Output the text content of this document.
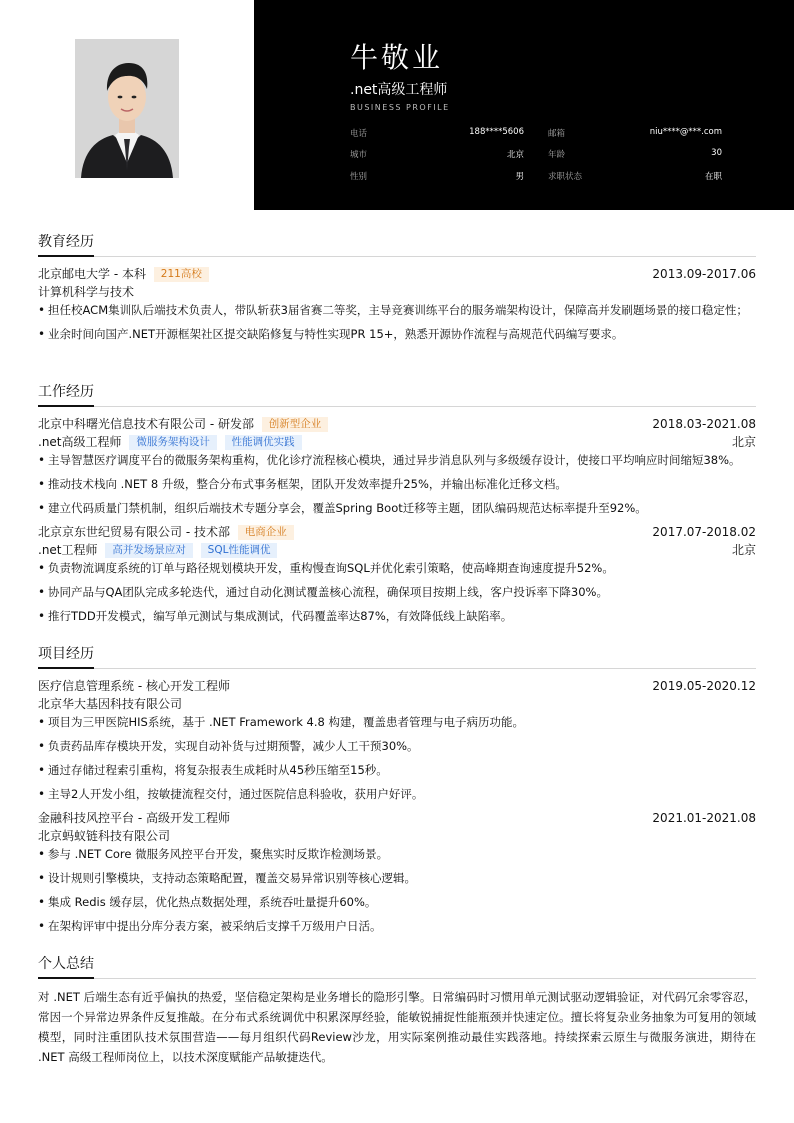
牛敬业
.net高级工程师
BUSINESS PROFILE
电话	188****5606	邮箱	niu****@***.com
城市	北京	年龄	30
性别	男	求职状态	在职
教育经历
北京邮电大学 - 本科 211高校	2013.09-2017.06
计算机科学与技术
• 担任校ACM集训队后端技术负责人，带队斩获3届省赛二等奖，主导竞赛训练平台的服务端架构设计，保障高并发刷题场景的接口稳定性；
• 业余时间向国产.NET开源框架社区提交缺陷修复与特性实现PR 15+，熟悉开源协作流程与高规范代码编写要求。
工作经历
北京中科曙光信息技术有限公司 - 研发部 创新型企业	2018.03-2021.08
.net高级工程师 微服务架构设计 性能调优实践	北京
• 主导智慧医疗调度平台的微服务架构重构，优化诊疗流程核心模块，通过异步消息队列与多级缓存设计，使接口平均响应时间缩短38%。
• 推动技术栈向 .NET 8 升级，整合分布式事务框架，团队开发效率提升25%，并输出标准化迁移文档。
• 建立代码质量门禁机制，组织后端技术专题分享会，覆盖Spring Boot迁移等主题，团队编码规范达标率提升至92%。
北京京东世纪贸易有限公司 - 技术部 电商企业	2017.07-2018.02
.net工程师 高并发场景应对 SQL性能调优	北京
• 负责物流调度系统的订单与路径规划模块开发，重构慢查询SQL并优化索引策略，使高峰期查询速度提升52%。
• 协同产品与QA团队完成多轮迭代，通过自动化测试覆盖核心流程，确保项目按期上线，客户投诉率下降30%。
• 推行TDD开发模式，编写单元测试与集成测试，代码覆盖率达87%，有效降低线上缺陷率。
项目经历
医疗信息管理系统 - 核心开发工程师	2019.05-2020.12
北京华大基因科技有限公司
• 项目为三甲医院HIS系统，基于 .NET Framework 4.8 构建，覆盖患者管理与电子病历功能。
• 负责药品库存模块开发，实现自动补货与过期预警，减少人工干预30%。
• 通过存储过程索引重构，将复杂报表生成耗时从45秒压缩至15秒。
• 主导2人开发小组，按敏捷流程交付，通过医院信息科验收，获用户好评。
金融科技风控平台 - 高级开发工程师	2021.01-2021.08
北京蚂蚁链科技有限公司
• 参与 .NET Core 微服务风控平台开发，聚焦实时反欺诈检测场景。
• 设计规则引擎模块，支持动态策略配置，覆盖交易异常识别等核心逻辑。
• 集成 Redis 缓存层，优化热点数据处理，系统吞吐量提升60%。
• 在架构评审中提出分库分表方案，被采纳后支撑千万级用户日活。
个人总结

对 .NET 后端生态有近乎偏执的热爱，坚信稳定架构是业务增长的隐形引擎。日常编码时习惯用单元测试驱动逻辑验证，对代码冗余零容忍，常因一个异常边界条件反复推敲。在分布式系统调优中积累深厚经验，能敏锐捕捉性能瓶颈并快速定位。擅长将复杂业务抽象为可复用的领域模型，同时注重团队技术氛围营造——每月组织代码Review沙龙，用实际案例推动最佳实践落地。持续探索云原生与微服务演进，期待在 .NET 高级工程师岗位上，以技术深度赋能产品敏捷迭代。
